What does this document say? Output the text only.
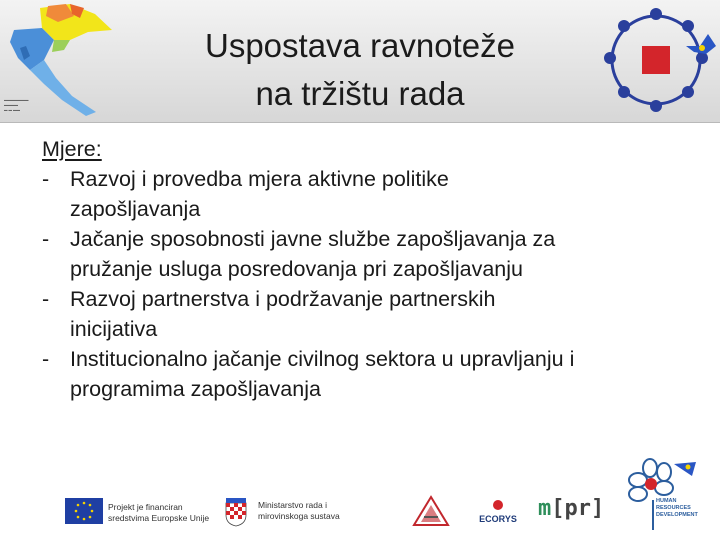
▬▬▬▬▬▬▬
▬▬▬▬
▬ ▬ ▬▬
Uspostava ravnoteže
na tržištu rada
Mjere:
- Razvoj i provedba mjera aktivne politike
zapošljavanja
- Jačanje sposobnosti javne službe zapošljavanja za
pružanje usluga posredovanja pri zapošljavanju
- Razvoj partnerstva i podržavanje partnerskih
inicijativa
- Institucionalno jačanje civilnog sektora u upravljanju i
programima zapošljavanja
Projekt je financiran
sredstvima Europske Unije
Ministarstvo rada i
mirovinskoga sustava	ECORYS m[pr]	HUMAN
RESOURCES
DEVELOPMENT
